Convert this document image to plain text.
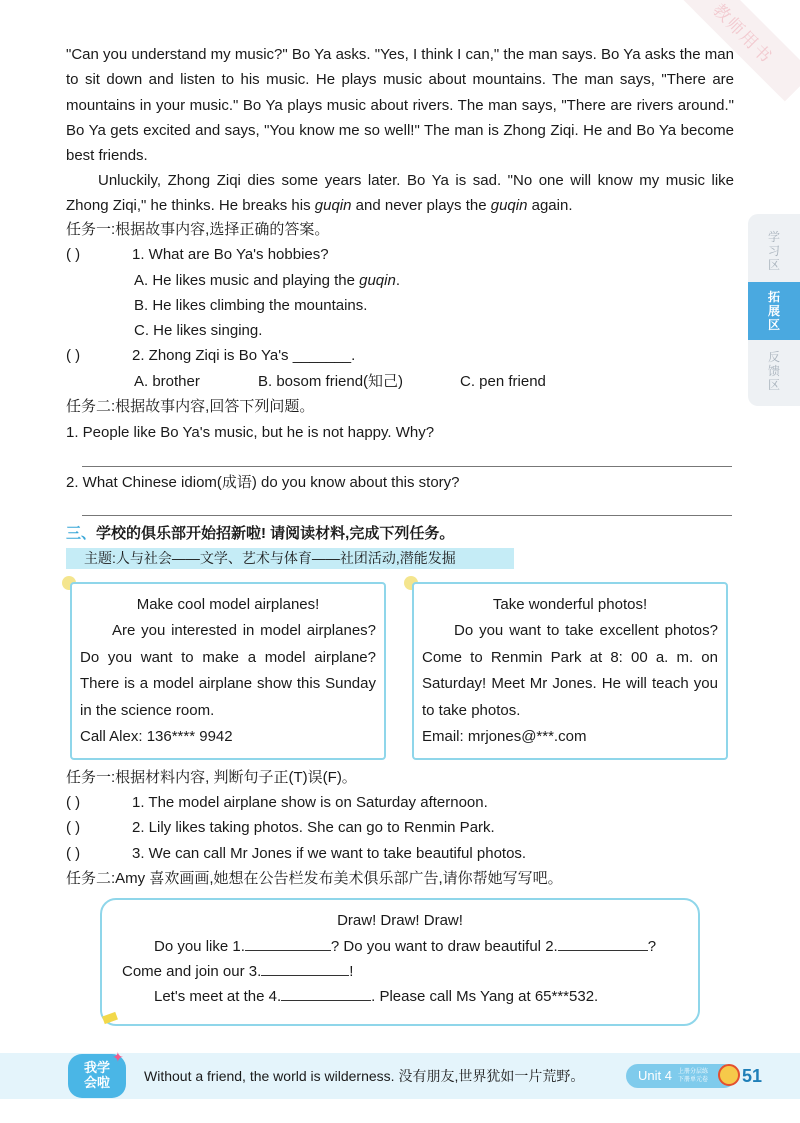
教师用书
"Can you understand my music?" Bo Ya asks. "Yes, I think I can," the man says. Bo Ya asks the man to sit down and listen to his music. He plays music about mountains. The man says, "There are mountains in your music." Bo Ya plays music about rivers. The man says, "There are rivers around." Bo Ya gets excited and says, "You know me so well!" The man is Zhong Ziqi. He and Bo Ya become best friends.
Unluckily, Zhong Ziqi dies some years later. Bo Ya is sad. "No one will know my music like Zhong Ziqi," he thinks. He breaks his guqin and never plays the guqin again.
任务一:根据故事内容,选择正确的答案。
( )	1. What are Bo Ya's hobbies?
A. He likes music and playing the guqin.
B. He likes climbing the mountains.
C. He likes singing.
( )	2. Zhong Ziqi is Bo Ya's _______.
A. brother	B. bosom friend(知己)	C. pen friend
任务二:根据故事内容,回答下列问题。
1. People like Bo Ya's music, but he is not happy. Why?
2. What Chinese idiom(成语) do you know about this story?
三、学校的俱乐部开始招新啦! 请阅读材料,完成下列任务。
主题:人与社会——文学、艺术与体育——社团活动,潜能发掘
Make cool model airplanes!
Are you interested in model airplanes? Do you want to make a model airplane? There is a model airplane show this Sunday in the science room.
Call Alex: 136**** 9942
Take wonderful photos!
Do you want to take excellent photos? Come to Renmin Park at 8: 00 a. m. on Saturday! Meet Mr Jones. He will teach you to take photos.
Email: mrjones@***.com
任务一:根据材料内容, 判断句子正(T)误(F)。
( )	1. The model airplane show is on Saturday afternoon.
( )	2. Lily likes taking photos. She can go to Renmin Park.
( )	3. We can call Mr Jones if we want to take beautiful photos.
任务二:Amy 喜欢画画,她想在公告栏发布美术俱乐部广告,请你帮她写写吧。
Draw! Draw! Draw!
Do you like 1.	? Do you want to draw beautiful 2.	?
Come and join our 3.	!
Let's meet at the 4.	. Please call Ms Yang at 65***532.
学习区
拓展区
反馈区
我学会啦
✦
Without a friend, the world is wilderness. 没有朋友,世界犹如一片荒野。	Unit 4 上册分层练 下册单元卷	51
